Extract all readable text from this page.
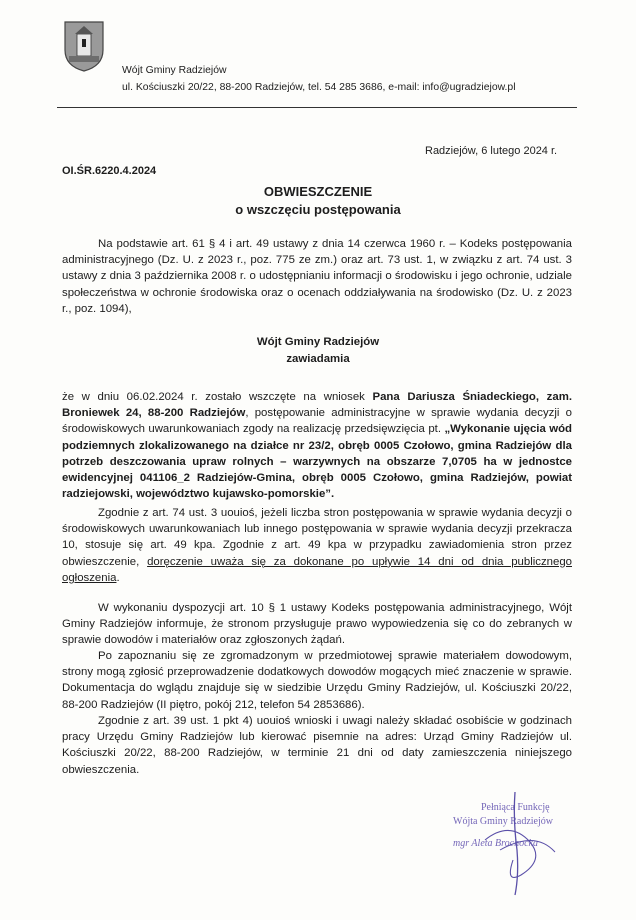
Wójt Gminy Radziejów
ul. Kościuszki 20/22, 88-200 Radziejów, tel. 54 285 3686, e-mail: info@ugradziejow.pl
Radziejów, 6 lutego 2024 r.
OI.ŚR.6220.4.2024
OBWIESZCZENIE
o wszczęciu postępowania

Na podstawie art. 61 § 4 i art. 49 ustawy z dnia 14 czerwca 1960 r. – Kodeks postępowania administracyjnego (Dz. U. z 2023 r., poz. 775 ze zm.) oraz art. 73 ust. 1, w związku z art. 74 ust. 3 ustawy z dnia 3 października 2008 r. o udostępnianiu informacji o środowisku i jego ochronie, udziale społeczeństwa w ochronie środowiska oraz o ocenach oddziaływania na środowisko (Dz. U. z 2023 r., poz. 1094),

Wójt Gminy Radziejów
zawiadamia

że w dniu 06.02.2024 r. zostało wszczęte na wniosek Pana Dariusza Śniadeckiego, zam. Broniewek 24, 88-200 Radziejów, postępowanie administracyjne w sprawie wydania decyzji o środowiskowych uwarunkowaniach zgody na realizację przedsięwzięcia pt. „Wykonanie ujęcia wód podziemnych zlokalizowanego na działce nr 23/2, obręb 0005 Czołowo, gmina Radziejów dla potrzeb deszczowania upraw rolnych – warzywnych na obszarze 7,0705 ha w jednostce ewidencyjnej 041106_2 Radziejów-Gmina, obręb 0005 Czołowo, gmina Radziejów, powiat radziejowski, województwo kujawsko-pomorskie”.

Zgodnie z art. 74 ust. 3 uouioś, jeżeli liczba stron postępowania w sprawie wydania decyzji o środowiskowych uwarunkowaniach lub innego postępowania w sprawie wydania decyzji przekracza 10, stosuje się art. 49 kpa. Zgodnie z art. 49 kpa w przypadku zawiadomienia stron przez obwieszczenie, doręczenie uważa się za dokonane po upływie 14 dni od dnia publicznego ogłoszenia.

W wykonaniu dyspozycji art. 10 § 1 ustawy Kodeks postępowania administracyjnego, Wójt Gminy Radziejów informuje, że stronom przysługuje prawo wypowiedzenia się co do zebranych w sprawie dowodów i materiałów oraz zgłoszonych żądań.

Po zapoznaniu się ze zgromadzonym w przedmiotowej sprawie materiałem dowodowym, strony mogą zgłosić przeprowadzenie dodatkowych dowodów mogących mieć znaczenie w sprawie. Dokumentacja do wglądu znajduje się w siedzibie Urzędu Gminy Radziejów, ul. Kościuszki 20/22, 88-200 Radziejów (II piętro, pokój 212, telefon 54 2853686).

Zgodnie z art. 39 ust. 1 pkt 4) uouioś wnioski i uwagi należy składać osobiście w godzinach pracy Urzędu Gminy Radziejów lub kierować pisemnie na adres: Urząd Gminy Radziejów ul. Kościuszki 20/22, 88-200 Radziejów, w terminie 21 dni od daty zamieszczenia niniejszego obwieszczenia.

Pełniąca Funkcję
Wójta Gminy Radziejów
mgr Aleta Brochocka
